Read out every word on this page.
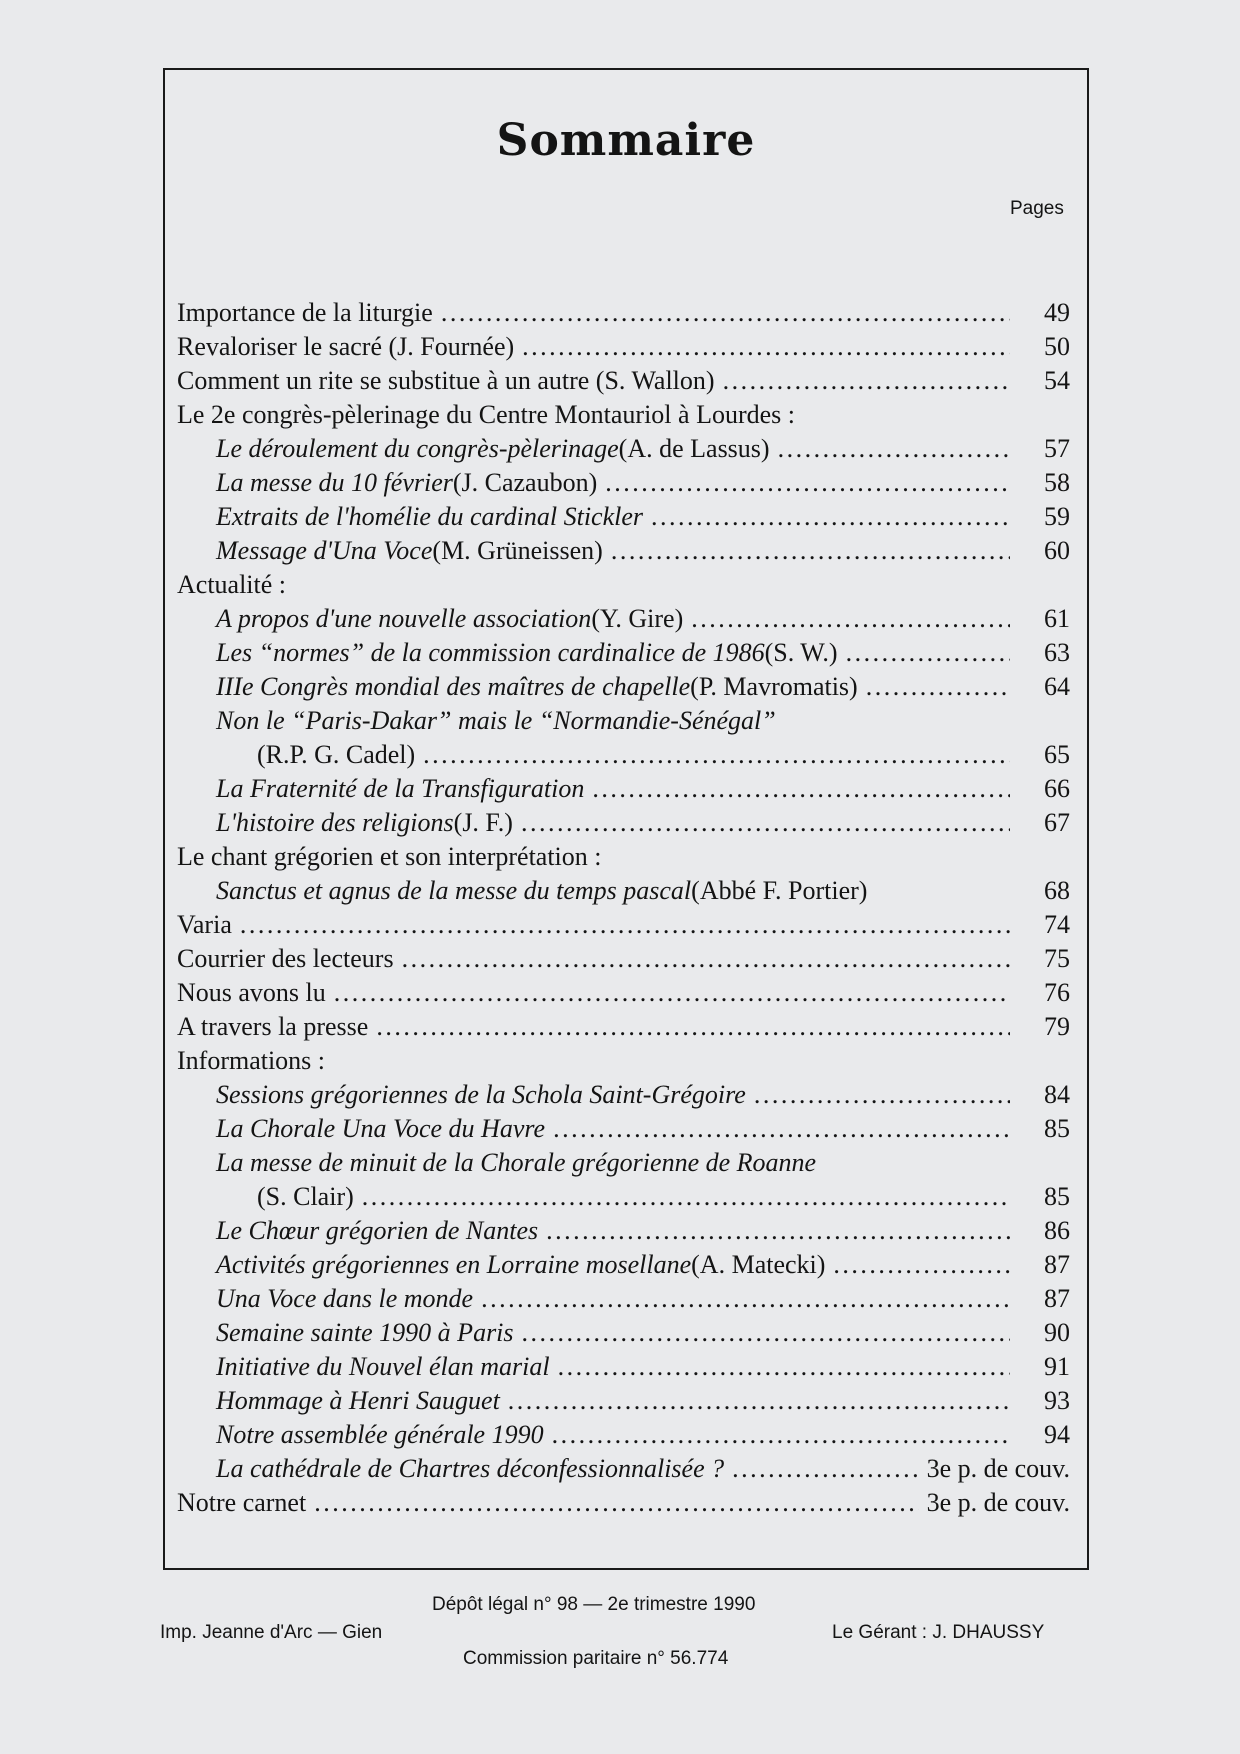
Sommaire
Pages
Importance de la liturgie . . .	49
Revaloriser le sacré (J. Fournée) . . .	50
Comment un rite se substitue à un autre (S. Wallon) . . .	54
Le 2e congrès-pèlerinage du Centre Montauriol à Lourdes :
Le déroulement du congrès-pèlerinage (A. de Lassus) . . .	57
La messe du 10 février (J. Cazaubon) . . .	58
Extraits de l'homélie du cardinal Stickler . . .	59
Message d'Una Voce (M. Grüneissen) . . .	60
Actualité :
A propos d'une nouvelle association (Y. Gire) . . .	61
Les “normes” de la commission cardinalice de 1986 (S. W.) . . .	63
IIIe Congrès mondial des maîtres de chapelle (P. Mavromatis) . . .	64
Non le “Paris-Dakar” mais le “Normandie-Sénégal”
(R.P. G. Cadel) . . .	65
La Fraternité de la Transfiguration . . .	66
L'histoire des religions (J. F.) . . .	67
Le chant grégorien et son interprétation :
Sanctus et agnus de la messe du temps pascal (Abbé F. Portier)	68
Varia . . .	74
Courrier des lecteurs . . .	75
Nous avons lu . . .	76
A travers la presse . . .	79
Informations :
Sessions grégoriennes de la Schola Saint-Grégoire . . .	84
La Chorale Una Voce du Havre . . .	85
La messe de minuit de la Chorale grégorienne de Roanne
(S. Clair) . . .	85
Le Chœur grégorien de Nantes . . .	86
Activités grégoriennes en Lorraine mosellane (A. Matecki) . . .	87
Una Voce dans le monde . . .	87
Semaine sainte 1990 à Paris . . .	90
Initiative du Nouvel élan marial . . .	91
Hommage à Henri Sauguet . . .	93
Notre assemblée générale 1990 . . .	94
La cathédrale de Chartres déconfessionnalisée ? . . .	3e p. de couv.
Notre carnet . . .	3e p. de couv.
Dépôt légal n° 98 — 2e trimestre 1990
Imp. Jeanne d'Arc — Gien	Le Gérant : J. DHAUSSY
Commission paritaire n° 56.774
